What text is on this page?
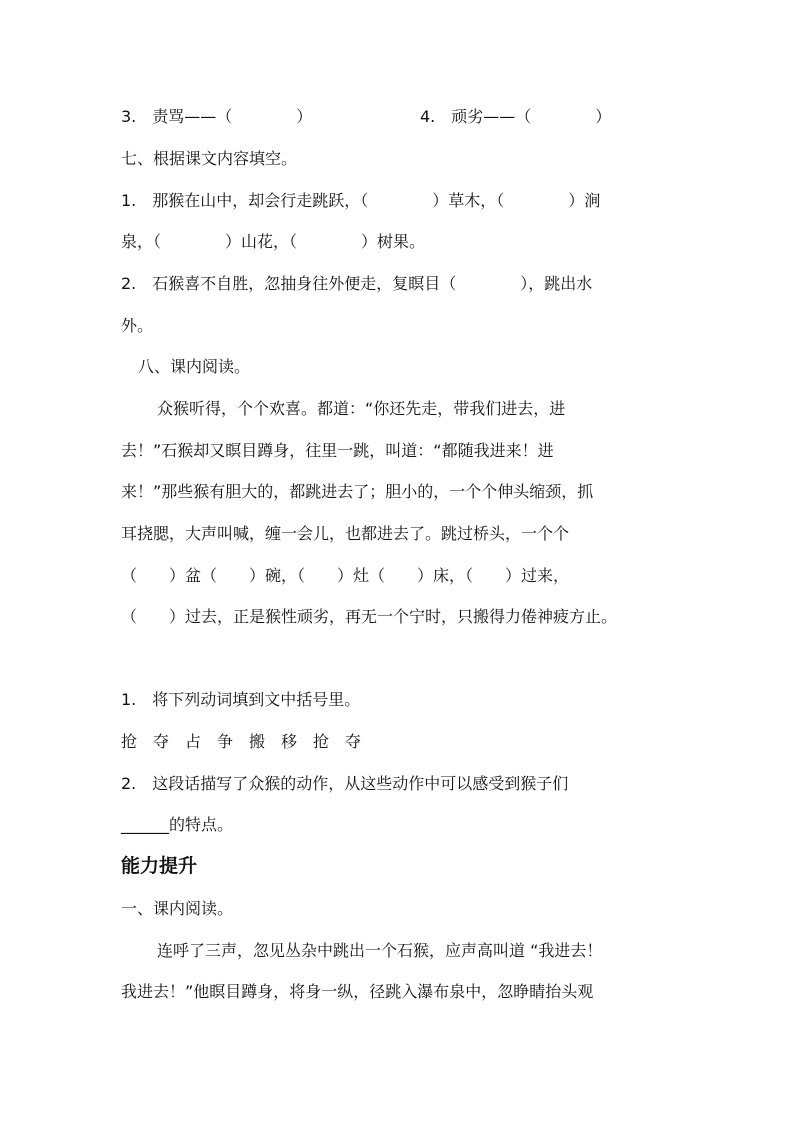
3.　责骂——（　　　　）	4.　顽劣——（　　　　）
七、根据课文内容填空。
1.　那猴在山中，却会行走跳跃，（　　　　）草木，（　　　　）涧
泉，（　　　　）山花，（　　　　）树果。
2.　石猴喜不自胜，忽抽身往外便走，复瞑目（　　　　），跳出水
外。
八、课内阅读。
众猴听得，个个欢喜。都道：“你还先走，带我们进去，进
去！”石猴却又瞑目蹲身，往里一跳，叫道：“都随我进来！进
来！”那些猴有胆大的，都跳进去了；胆小的，一个个伸头缩颈，抓
耳挠腮，大声叫喊，缠一会儿，也都进去了。跳过桥头，一个个
（　　）盆（　　）碗，（　　）灶（　　）床，（　　）过来，
（　　）过去，正是猴性顽劣，再无一个宁时，只搬得力倦神疲方止。
1.　将下列动词填到文中括号里。
抢　夺　占　争　搬　移　抢　夺
2.　这段话描写了众猴的动作，从这些动作中可以感受到猴子们
______的特点。
能力提升
一、课内阅读。
连呼了三声，忽见丛杂中跳出一个石猴，应声高叫道 “我进去！
我进去！”他瞑目蹲身，将身一纵，径跳入瀑布泉中，忽睁睛抬头观
